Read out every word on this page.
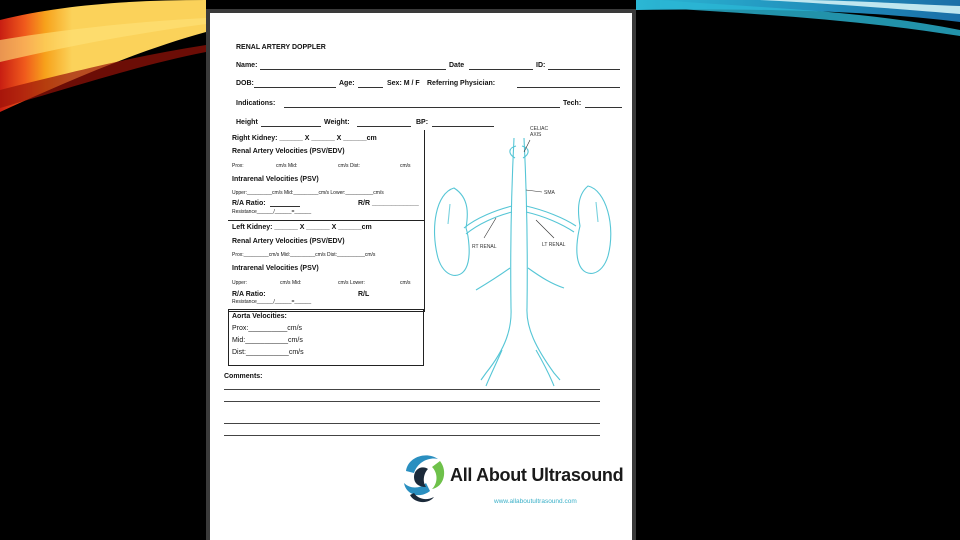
RENAL ARTERY DOPPLER
Name:	Date	ID:
DOB:	Age:	Sex: M / F Referring Physician:
Indications:	Tech:
Height	Weight:	BP:
Right Kidney: ______ X ______ X ______cm
Renal Artery Velocities (PSV/EDV)
Prox:	cm/s Mid:	cm/s Dist:	cm/s
Intrarenal Velocities (PSV)
Upper:_________cm/s Mid:_________cm/s Lower:__________cm/s
R/A Ratio:	R/R ____________
Resistance______/______=______
Left Kidney: ______ X ______ X ______cm
Renal Artery Velocities (PSV/EDV)
Prox:_________cm/s Mid:_________cm/s Dist:__________cm/s
Intrarenal Velocities (PSV)
Upper:	cm/s Mid:	cm/s Lower:	cm/s
R/A Ratio:	R/L
Resistance______/______=______
Aorta Velocities:
Prox:__________cm/s
Mid:___________cm/s
Dist:___________cm/s
CELIAC
AXIS
SMA
RT RENAL	LT RENAL
Comments:
All About Ultrasound
www.allaboutultrasound.com
